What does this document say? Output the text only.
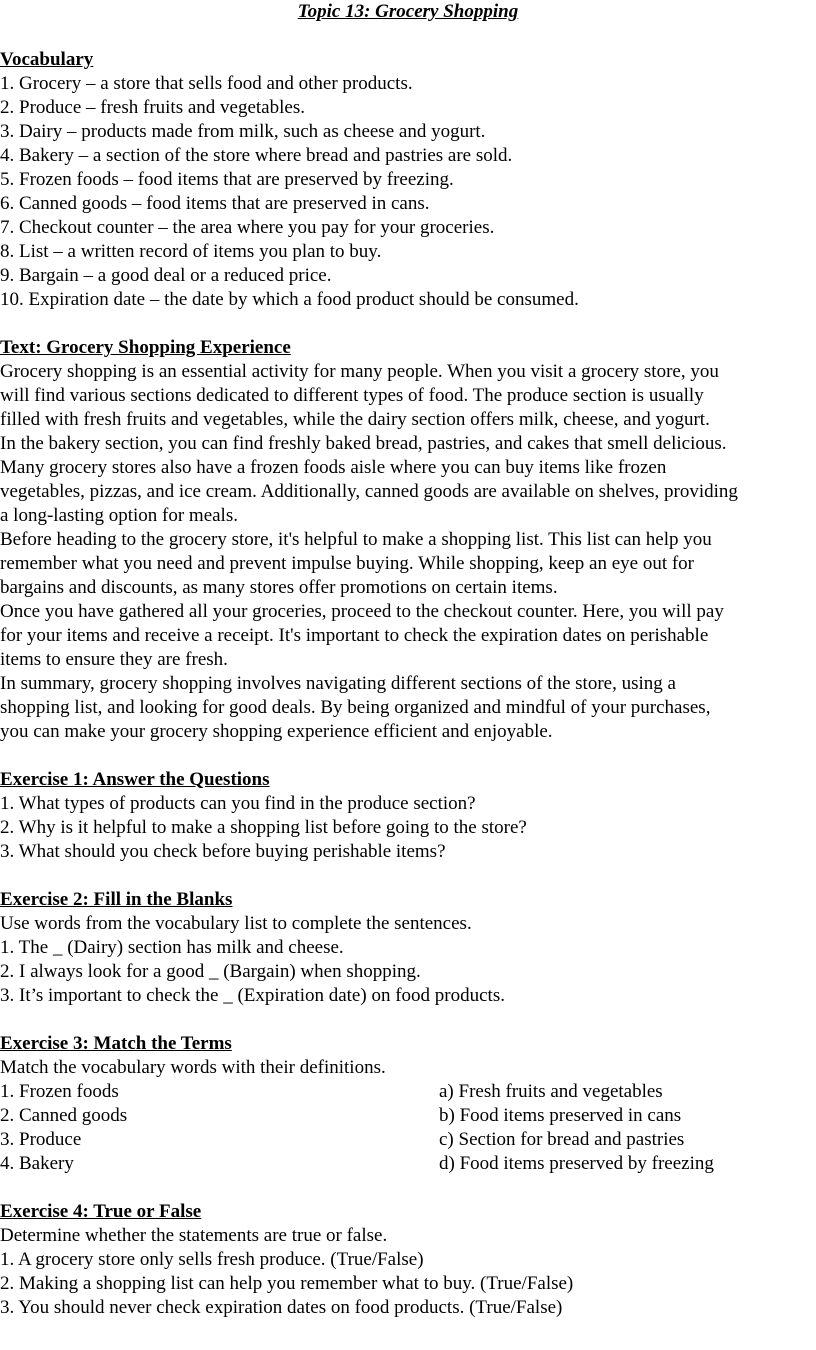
Topic 13: Grocery Shopping
Vocabulary
1. Grocery – a store that sells food and other products.
2. Produce – fresh fruits and vegetables.
3. Dairy – products made from milk, such as cheese and yogurt.
4. Bakery – a section of the store where bread and pastries are sold.
5. Frozen foods – food items that are preserved by freezing.
6. Canned goods – food items that are preserved in cans.
7. Checkout counter – the area where you pay for your groceries.
8. List – a written record of items you plan to buy.
9. Bargain – a good deal or a reduced price.
10. Expiration date – the date by which a food product should be consumed.
Text: Grocery Shopping Experience
Grocery shopping is an essential activity for many people. When you visit a grocery store, you
will find various sections dedicated to different types of food. The produce section is usually
filled with fresh fruits and vegetables, while the dairy section offers milk, cheese, and yogurt.
In the bakery section, you can find freshly baked bread, pastries, and cakes that smell delicious.
Many grocery stores also have a frozen foods aisle where you can buy items like frozen
vegetables, pizzas, and ice cream. Additionally, canned goods are available on shelves, providing
a long-lasting option for meals.
Before heading to the grocery store, it's helpful to make a shopping list. This list can help you
remember what you need and prevent impulse buying. While shopping, keep an eye out for
bargains and discounts, as many stores offer promotions on certain items.
Once you have gathered all your groceries, proceed to the checkout counter. Here, you will pay
for your items and receive a receipt. It's important to check the expiration dates on perishable
items to ensure they are fresh.
In summary, grocery shopping involves navigating different sections of the store, using a
shopping list, and looking for good deals. By being organized and mindful of your purchases,
you can make your grocery shopping experience efficient and enjoyable.
Exercise 1: Answer the Questions
1. What types of products can you find in the produce section?
2. Why is it helpful to make a shopping list before going to the store?
3. What should you check before buying perishable items?
Exercise 2: Fill in the Blanks
Use words from the vocabulary list to complete the sentences.
1. The _ (Dairy) section has milk and cheese.
2. I always look for a good _ (Bargain) when shopping.
3. It’s important to check the _ (Expiration date) on food products.
Exercise 3: Match the Terms
Match the vocabulary words with their definitions.
1. Frozen foods	a) Fresh fruits and vegetables
2. Canned goods	b) Food items preserved in cans
3. Produce	c) Section for bread and pastries
4. Bakery	d) Food items preserved by freezing
Exercise 4: True or False
Determine whether the statements are true or false.
1. A grocery store only sells fresh produce. (True/False)
2. Making a shopping list can help you remember what to buy. (True/False)
3. You should never check expiration dates on food products. (True/False)
